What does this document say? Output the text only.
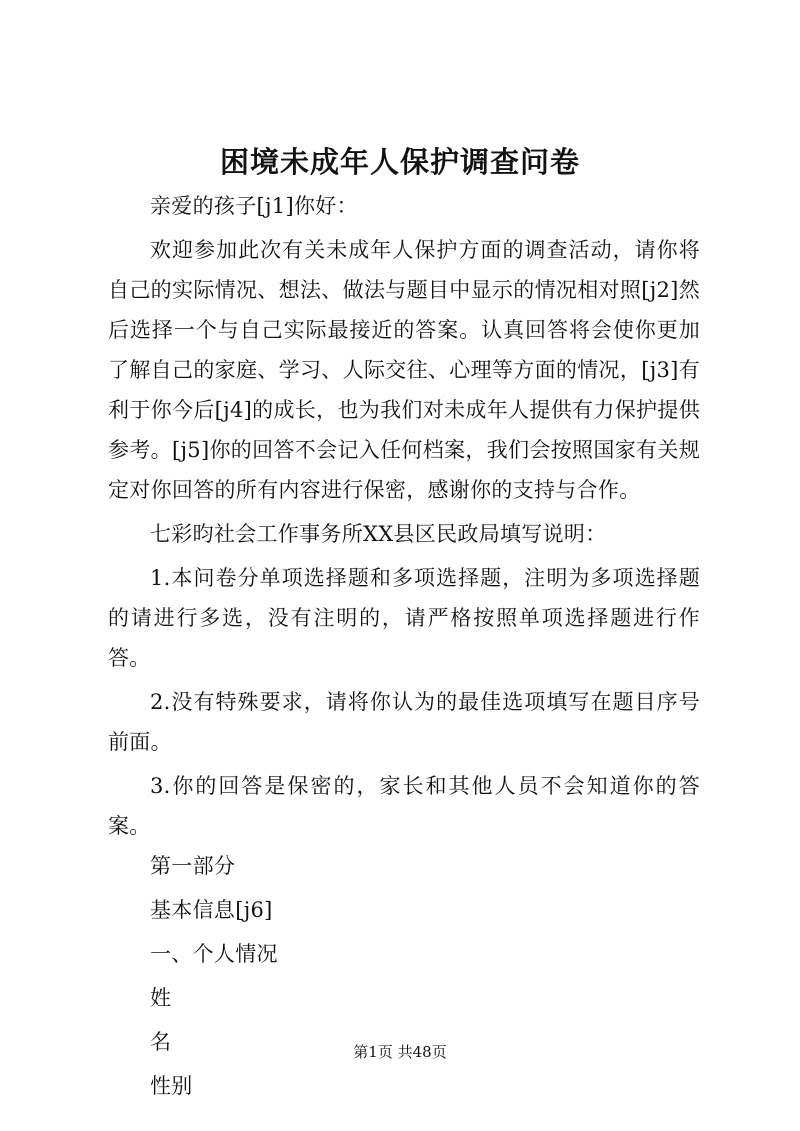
困境未成年人保护调查问卷

亲爱的孩子[j1]你好：

欢迎参加此次有关未成年人保护方面的调查活动，请你将自己的实际情况、想法、做法与题目中显示的情况相对照[j2]然后选择一个与自己实际最接近的答案。认真回答将会使你更加了解自己的家庭、学习、人际交往、心理等方面的情况，[j3]有利于你今后[j4]的成长，也为我们对未成年人提供有力保护提供参考。[j5]你的回答不会记入任何档案，我们会按照国家有关规定对你回答的所有内容进行保密，感谢你的支持与合作。

七彩昀社会工作事务所XX县区民政局填写说明：

1.本问卷分单项选择题和多项选择题，注明为多项选择题的请进行多选，没有注明的，请严格按照单项选择题进行作答。

2.没有特殊要求，请将你认为的最佳选项填写在题目序号前面。

3.你的回答是保密的，家长和其他人员不会知道你的答案。

第一部分

基本信息[j6]

一、个人情况

姓

名

性别

第1页 共48页
